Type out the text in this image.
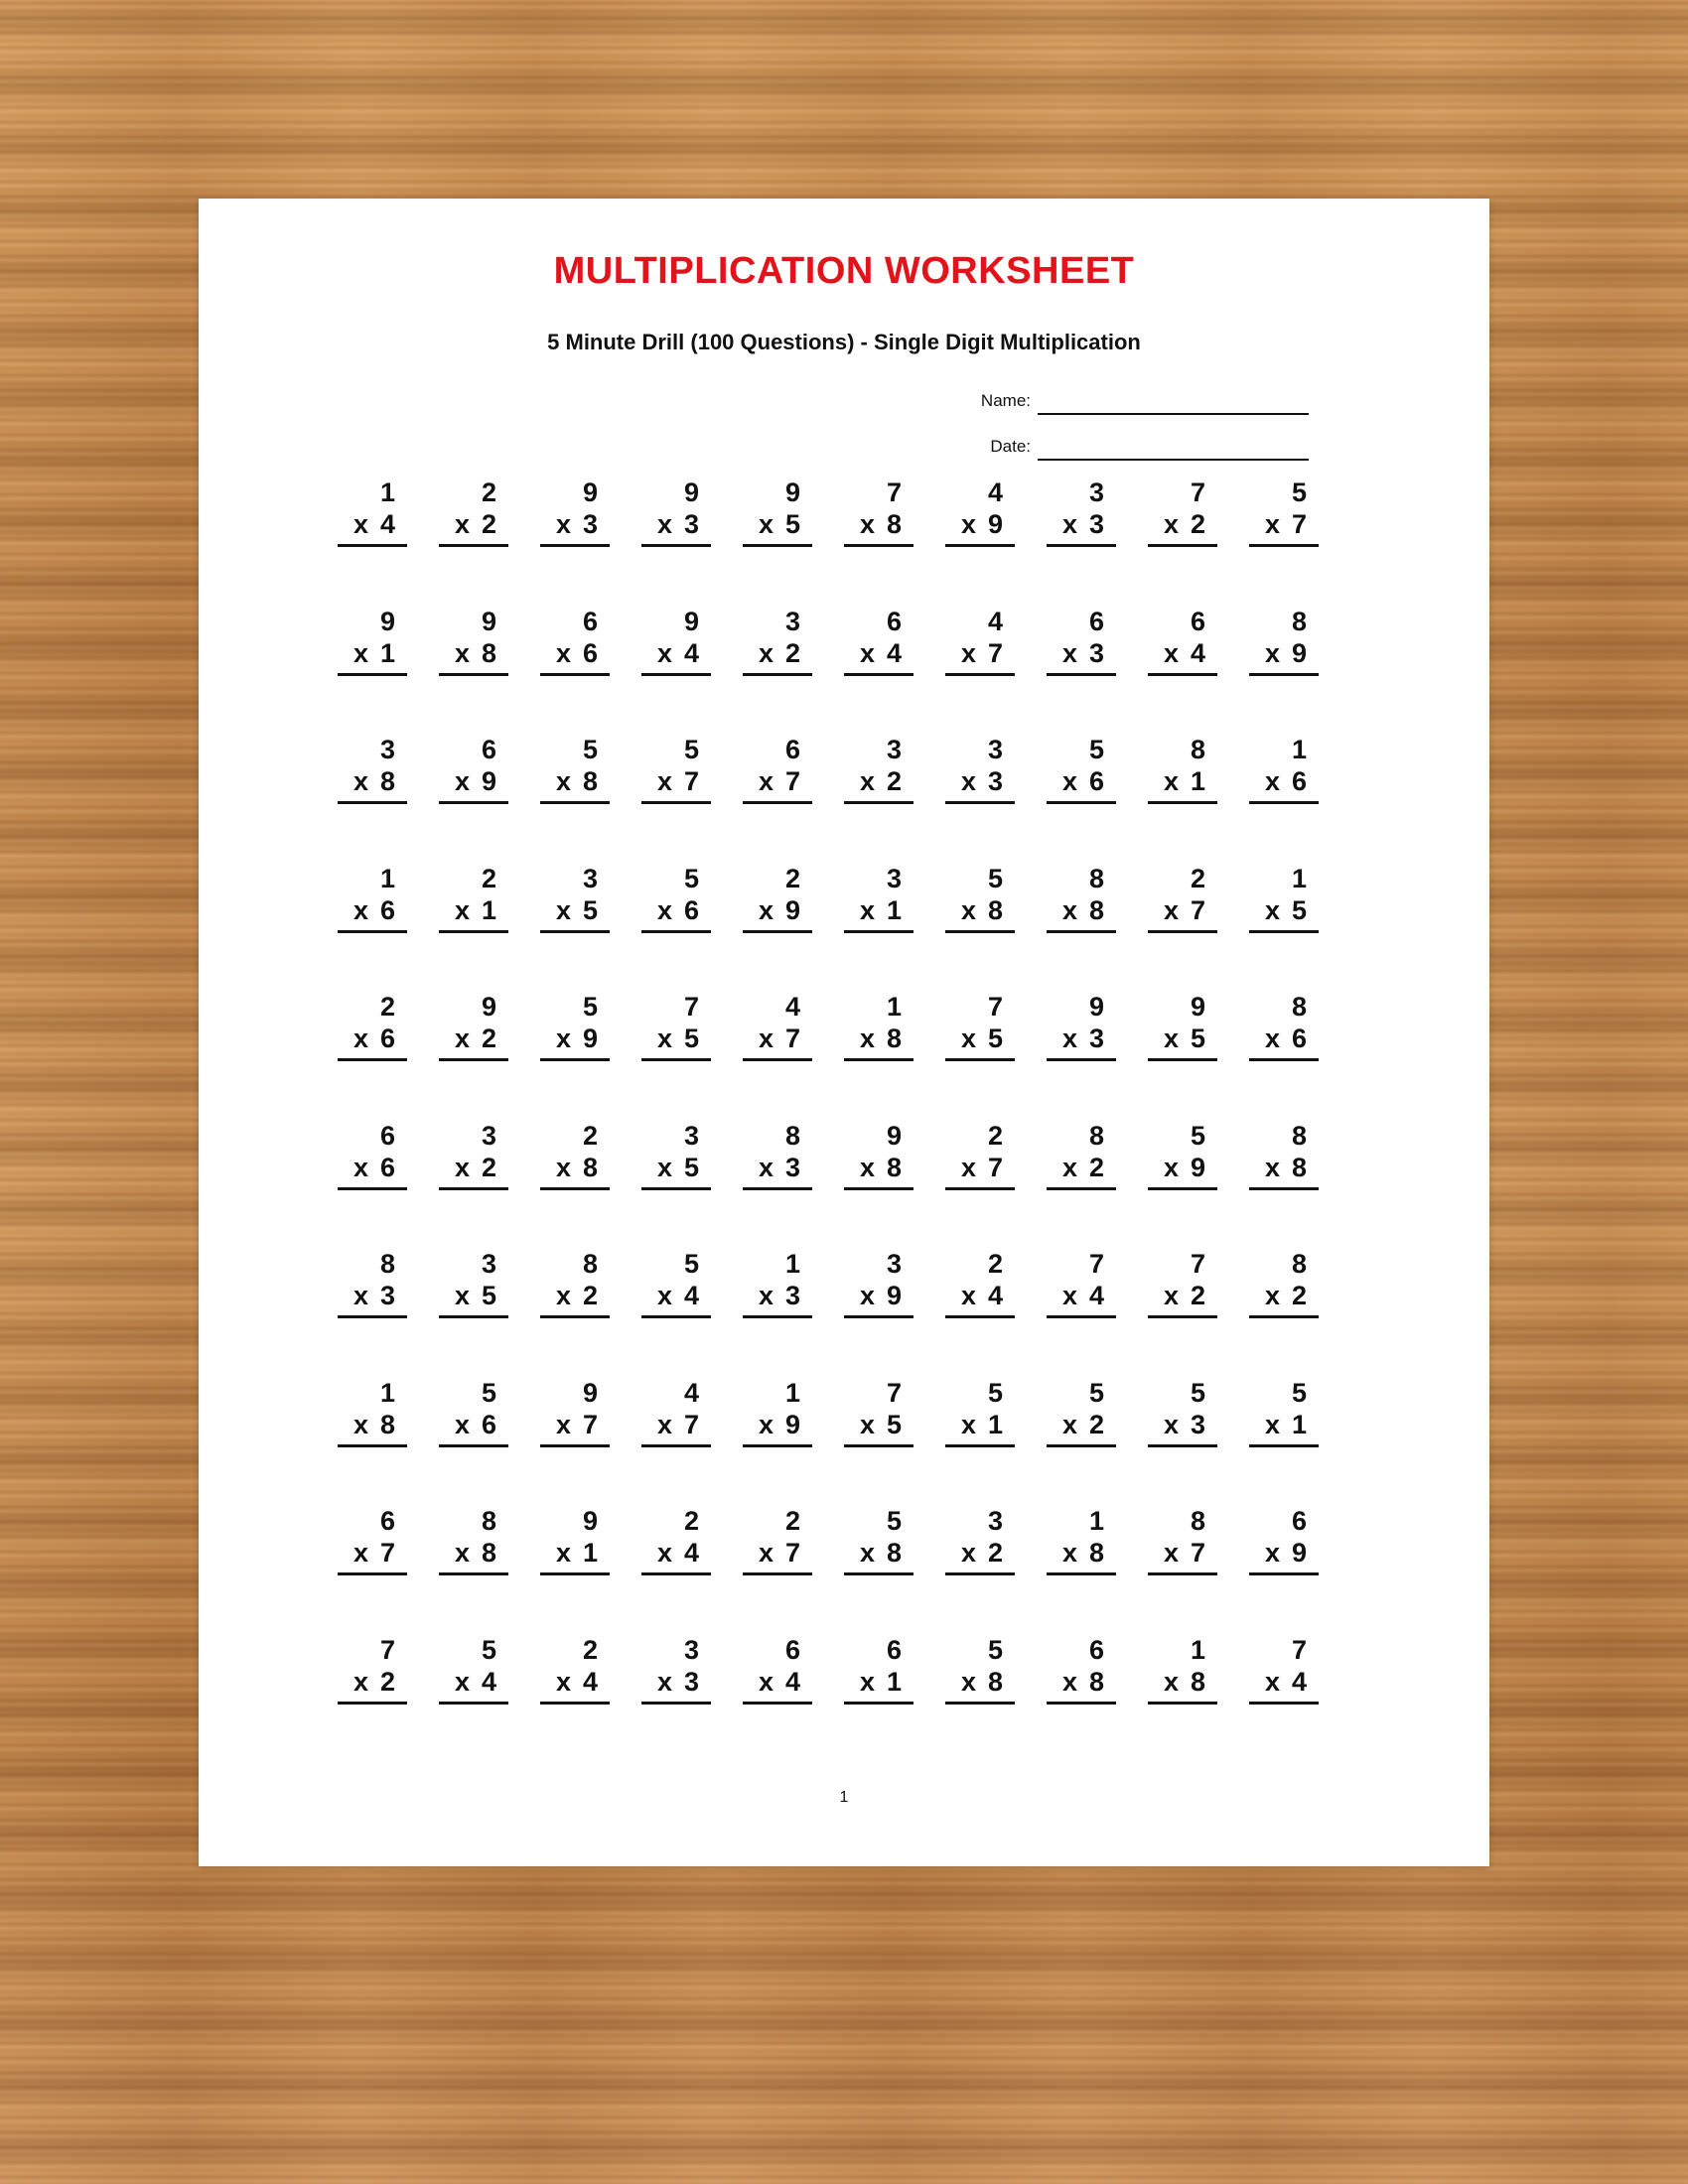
MULTIPLICATION WORKSHEET
5 Minute Drill (100 Questions) - Single Digit Multiplication
Name:
Date:
1
x 4
2
x 2
9
x 3
9
x 3
9
x 5
7
x 8
4
x 9
3
x 3
7
x 2
5
x 7
9
x 1
9
x 8
6
x 6
9
x 4
3
x 2
6
x 4
4
x 7
6
x 3
6
x 4
8
x 9
3
x 8
6
x 9
5
x 8
5
x 7
6
x 7
3
x 2
3
x 3
5
x 6
8
x 1
1
x 6
1
x 6
2
x 1
3
x 5
5
x 6
2
x 9
3
x 1
5
x 8
8
x 8
2
x 7
1
x 5
2
x 6
9
x 2
5
x 9
7
x 5
4
x 7
1
x 8
7
x 5
9
x 3
9
x 5
8
x 6
6
x 6
3
x 2
2
x 8
3
x 5
8
x 3
9
x 8
2
x 7
8
x 2
5
x 9
8
x 8
8
x 3
3
x 5
8
x 2
5
x 4
1
x 3
3
x 9
2
x 4
7
x 4
7
x 2
8
x 2
1
x 8
5
x 6
9
x 7
4
x 7
1
x 9
7
x 5
5
x 1
5
x 2
5
x 3
5
x 1
6
x 7
8
x 8
9
x 1
2
x 4
2
x 7
5
x 8
3
x 2
1
x 8
8
x 7
6
x 9
7
x 2
5
x 4
2
x 4
3
x 3
6
x 4
6
x 1
5
x 8
6
x 8
1
x 8
7
x 4
1
